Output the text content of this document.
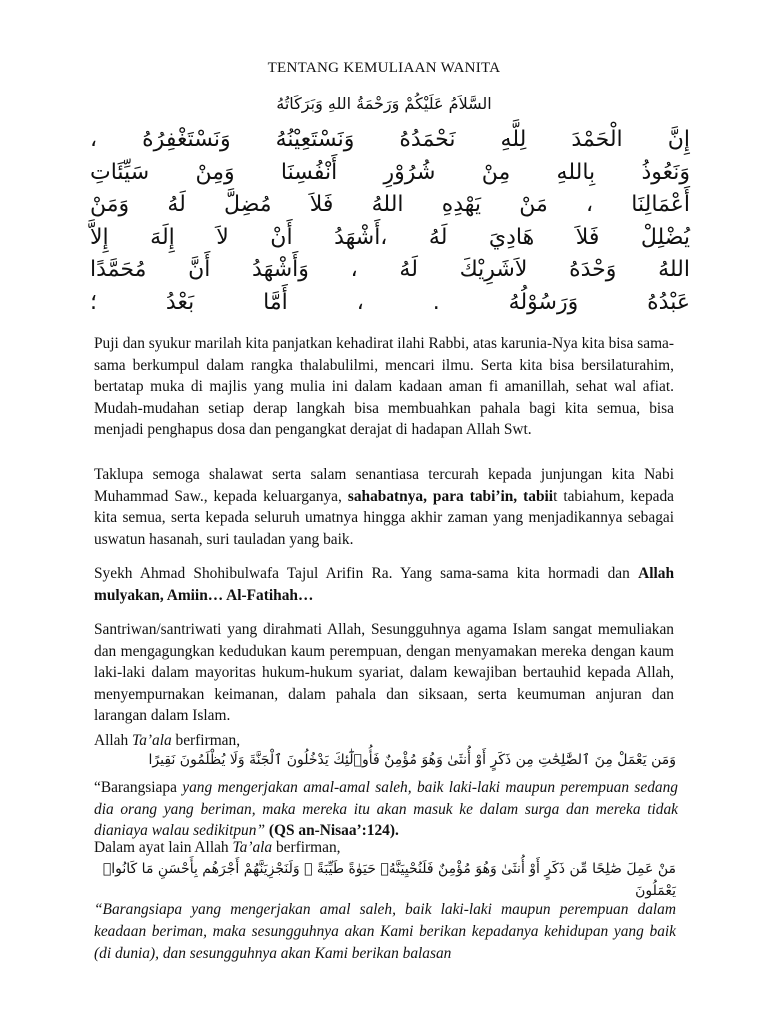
TENTANG KEMULIAAN WANITA
السَّلاَمُ عَلَيْكُمْ وَرَحْمَةُ اللهِ وَبَرَكَاتُهُ
إِنَّ الْحَمْدَ لِلَّهِ نَحْمَدُهُ وَنَسْتَعِيْنُهُ وَنَسْتَغْفِرُهُ ،
وَنَعُوذُ بِاللهِ مِنْ شُرُوْرِ أَنْفُسِنَا وَمِنْ سَيِّئَاتِ
أَعْمَالِنَا ، مَنْ يَهْدِهِ اللهُ فَلاَ مُضِلَّ لَهُ وَمَنْ
يُضْلِلْ فَلاَ هَادِيَ لَهُ ،أَشْهَدُ أَنْ لاَ إِلَهَ إِلاَّ
اللهُ وَحْدَهُ لاَشَرِيْكَ لَهُ ، وَأَشْهَدُ أَنَّ مُحَمَّدًا
عَبْدُهُ وَرَسُوْلُهُ . ، أَمَّا بَعْدُ ؛
Puji dan syukur marilah kita panjatkan kehadirat ilahi Rabbi, atas karunia-Nya kita bisa sama-sama berkumpul dalam rangka thalabulilmi, mencari ilmu. Serta kita bisa bersilaturahim, bertatap muka di majlis yang mulia ini dalam kadaan aman fi amanillah, sehat wal afiat. Mudah-mudahan setiap derap langkah bisa membuahkan pahala bagi kita semua, bisa menjadi penghapus dosa dan pengangkat derajat di hadapan Allah Swt.
Taklupa semoga shalawat serta salam senantiasa tercurah kepada junjungan kita Nabi Muhammad Saw., kepada keluarganya, sahabatnya, para tabi’in, tabiit tabiahum, kepada kita semua, serta kepada seluruh umatnya hingga akhir zaman yang menjadikannya sebagai uswatun hasanah, suri tauladan yang baik.
Syekh Ahmad Shohibulwafa Tajul Arifin Ra. Yang sama-sama kita hormadi dan Allah mulyakan, Amiin… Al-Fatihah…
Santriwan/santriwati yang dirahmati Allah, Sesungguhnya agama Islam sangat memuliakan dan mengagungkan kedudukan kaum perempuan, dengan menyamakan mereka dengan kaum laki-laki dalam mayoritas hukum-hukum syariat, dalam kewajiban bertauhid kepada Allah, menyempurnakan keimanan, dalam pahala dan siksaan, serta keumuman anjuran dan larangan dalam Islam.
Allah Ta’ala berfirman,
وَمَن يَعْمَلْ مِنَ ٱلصَّٰلِحَٰتِ مِن ذَكَرٍ أَوْ أُنثَىٰ وَهُوَ مُؤْمِنٌ فَأُو۟لَٰٓئِكَ يَدْخُلُونَ ٱلْجَنَّةَ وَلَا يُظْلَمُونَ نَقِيرًا
“Barangsiapa yang mengerjakan amal-amal saleh, baik laki-laki maupun perempuan sedang dia orang yang beriman, maka mereka itu akan masuk ke dalam surga dan mereka tidak dianiaya walau sedikitpun” (QS an-Nisaa’:124).
Dalam ayat lain Allah Ta’ala berfirman,
مَنْ عَمِلَ صَٰلِحًا مِّن ذَكَرٍ أَوْ أُنثَىٰ وَهُوَ مُؤْمِنٌ فَلَنُحْيِيَنَّهُۥ حَيَوٰةً طَيِّبَةً ۖ وَلَنَجْزِيَنَّهُمْ أَجْرَهُم بِأَحْسَنِ مَا كَانُوا۟ يَعْمَلُونَ
“Barangsiapa yang mengerjakan amal saleh, baik laki-laki maupun perempuan dalam keadaan beriman, maka sesungguhnya akan Kami berikan kepadanya kehidupan yang baik (di dunia), dan sesungguhnya akan Kami berikan balasan
